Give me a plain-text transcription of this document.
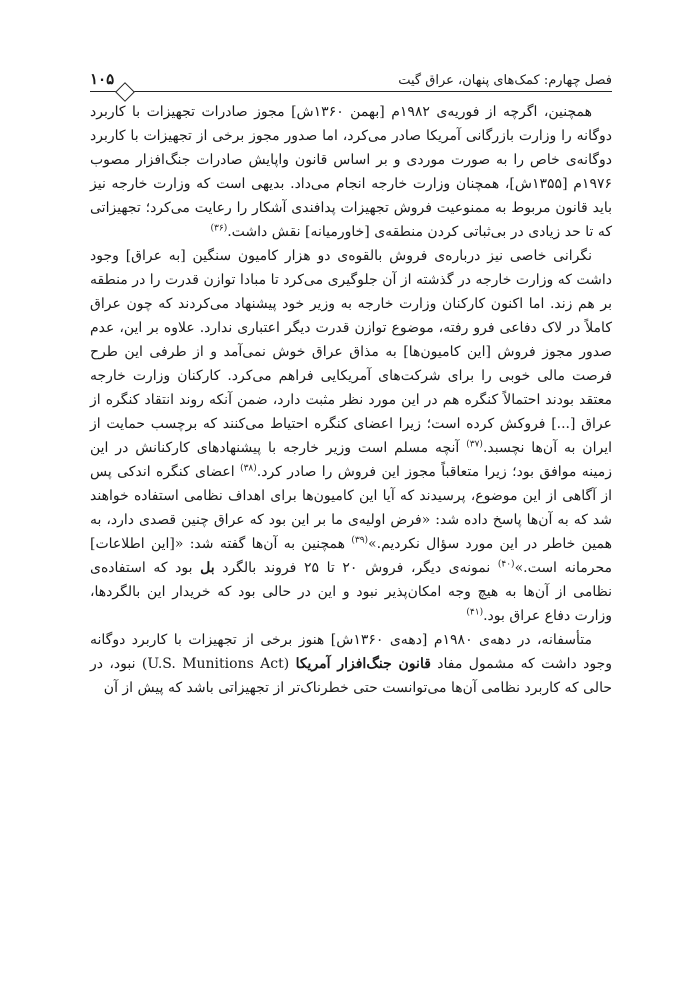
فصل چهارم: کمک‌های پنهان، عراق گیت
۱۰۵

همچنین، اگرچه از فوریه‌ی ۱۹۸۲م [بهمن ۱۳۶۰ش] مجوز صادرات تجهیزات با کاربرد دوگانه را وزارت بازرگانی آمریکا صادر می‌کرد، اما صدور مجوز برخی از تجهیزات با کاربرد دوگانه‌ی خاص را به صورت موردی و بر اساس قانون واپایش صادرات جنگ‌افزار مصوب ۱۹۷۶م [۱۳۵۵ش]، همچنان وزارت خارجه انجام می‌داد. بدیهی است که وزارت خارجه نیز باید قانون مربوط به ممنوعیت فروش تجهیزات پدافندی آشکار را رعایت می‌کرد؛ تجهیزاتی که تا حد زیادی در بی‌ثباتی کردن منطقه‌ی [خاورمیانه] نقش داشت.$^{(۳۶)}$

نگرانی خاصی نیز درباره‌ی فروش بالقوه‌ی دو هزار کامیون سنگین [به عراق] وجود داشت که وزارت خارجه در گذشته از آن جلوگیری می‌کرد تا مبادا توازن قدرت را در منطقه بر هم زند. اما اکنون کارکنان وزارت خارجه به وزیر خود پیشنهاد می‌کردند که چون عراق کاملاً در لاک دفاعی فرو رفته، موضوع توازن قدرت دیگر اعتباری ندارد. علاوه بر این، عدم صدور مجوز فروش [این کامیون‌ها] به مذاق عراق خوش نمی‌آمد و از طرفی این طرح فرصت مالی خوبی را برای شرکت‌های آمریکایی فراهم می‌کرد. کارکنان وزارت خارجه معتقد بودند احتمالاً کنگره هم در این مورد نظر مثبت دارد، ضمن آنکه روند انتقاد کنگره از عراق [...] فروکش کرده است؛ زیرا اعضای کنگره احتیاط می‌کنند که برچسب حمایت از ایران به آن‌ها نچسبد.$^{(۳۷)}$ آنچه مسلم است وزیر خارجه با پیشنهادهای کارکنانش در این زمینه موافق بود؛ زیرا متعاقباً مجوز این فروش را صادر کرد.$^{(۳۸)}$ اعضای کنگره اندکی پس از آگاهی از این موضوع، پرسیدند که آیا این کامیون‌ها برای اهداف نظامی استفاده خواهند شد که به آن‌ها پاسخ داده شد: «فرض اولیه‌ی ما بر این بود که عراق چنین قصدی دارد، به همین خاطر در این مورد سؤال نکردیم.»$^{(۳۹)}$ همچنین به آن‌ها گفته شد: «[این اطلاعات] محرمانه است.»$^{(۴۰)}$ نمونه‌ی دیگر، فروش ۲۰ تا ۲۵ فروند بالگرد بل بود که استفاده‌ی نظامی از آن‌ها به هیچ وجه امکان‌پذیر نبود و این در حالی بود که خریدار این بالگردها، وزارت دفاع عراق بود.$^{(۴۱)}$

متأسفانه، در دهه‌ی ۱۹۸۰م [دهه‌ی ۱۳۶۰ش] هنوز برخی از تجهیزات با کاربرد دوگانه وجود داشت که مشمول مفاد قانون جنگ‌افزار آمریکا (U.S. Munitions Act) نبود، در حالی که کاربرد نظامی آن‌ها می‌توانست حتی خطرناک‌تر از تجهیزاتی باشد که پیش از آن
